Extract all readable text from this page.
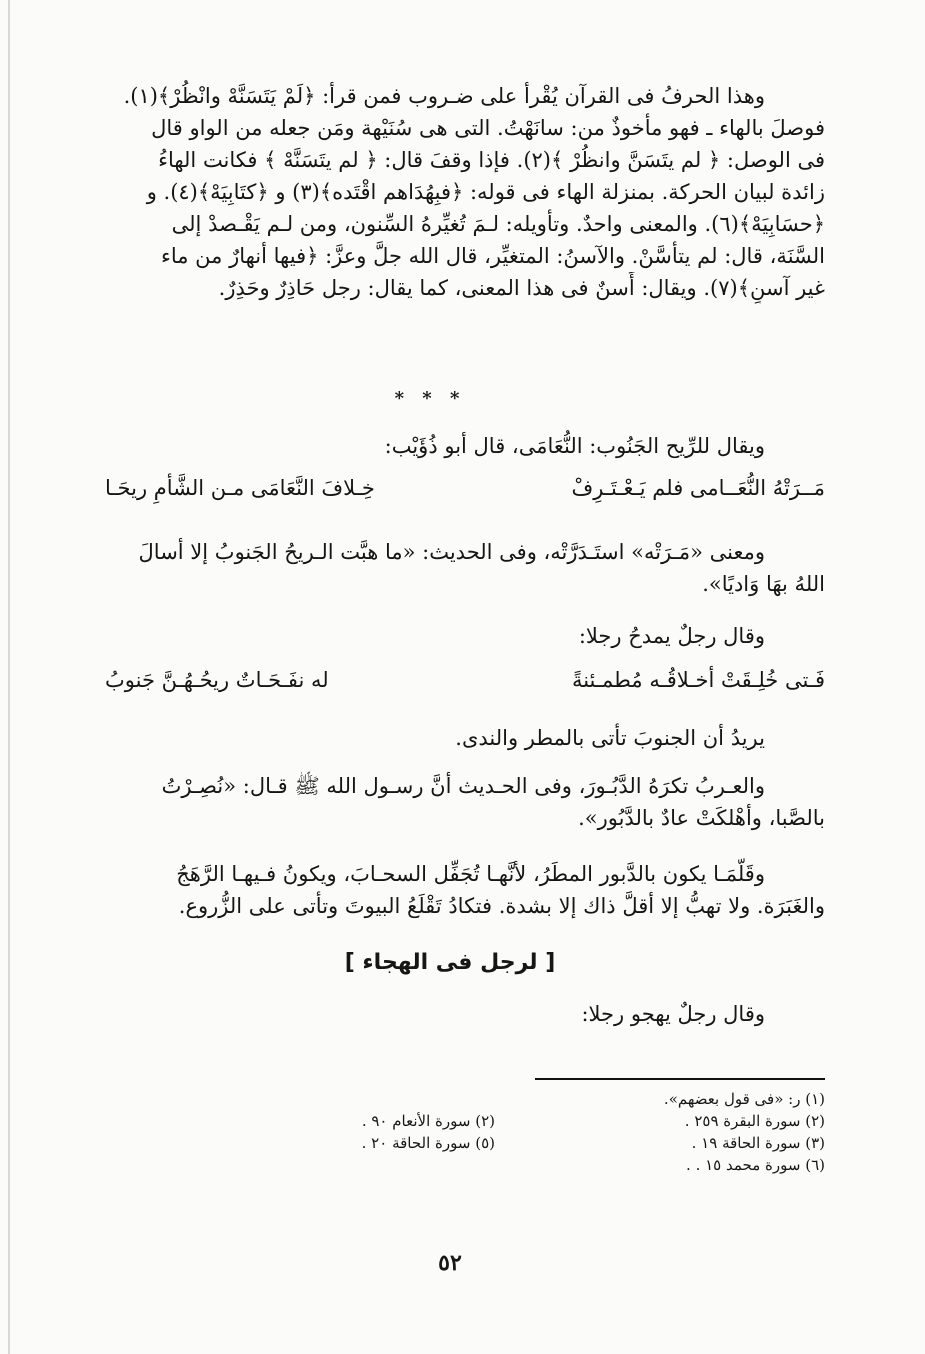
وهذا الحرفُ فى القرآن يُقْرأ على ضـروب فمن قرأ: ﴿لَمْ يَتَسَنَّهْ وانْظُرْ﴾(١).
فوصلَ بالهاء ـ فهو مأخوذٌ من: سانَهْتُ. التى هى سُنَيْهة ومَن جعله من الواو قال
فى الوصل: ﴿ لم يتَسَنَّ وانظُرْ ﴾(٢). فإذا وقفَ قال: ﴿ لم يتَسَنَّهْ ﴾ فكانت الهاءُ
زائدة لبيان الحركة. بمنزلة الهاء فى قوله: ﴿فبِهُدَاهم اقْتَده﴾(٣) و ﴿كتَابِيَهْ﴾(٤). و
﴿حسَابِيَهْ﴾(٦). والمعنى واحدٌ. وتأويله: لـمَ تُغيِّرهُ السِّنون، ومن لـم يَقْـصدْ إلى
السَّنَة، قال: لم يتأسَّنْ. والآسنُ: المتغيِّر، قال الله جلَّ وعزَّ: ﴿فيها أنهارٌ من ماء
غير آسنٍ﴾(٧). ويقال: أَسنٌ فى هذا المعنى، كما يقال: رجل حَاذِرٌ وحَذِرٌ.
* * *
ويقال للرِّيح الجَنُوب: النُّعَامَى، قال أبو ذُؤَيْب:
مَــرَتْهُ النُّعَــامى فلم يَـعْـتَـرِفْ
خِـلافَ النَّعَامَى مـن الشَّأْمِ ريحَـا
ومعنى «مَـرَتْه» استَـدَرَّتْه، وفى الحديث: «ما هبَّت الـريحُ الجَنوبُ إلا أسالَ
اللهُ بهَا وَاديًا».
وقال رجلٌ يمدحُ رجلا:
فَـتى خُلِـقَتْ أخـلاقُـه مُطمـئنةً
له نفَـحَـاتٌ ريحُـهُـنَّ جَنوبُ
يريدُ أن الجنوبَ تأتى بالمطر والندى.
والعـربُ تكرَهُ الدَّبُـورَ، وفى الحـديث أنَّ رسـول الله ﷺ قـال: «نُصِـرْتُ
بالصَّبا، وأهْلكَتْ عادٌ بالدَّبُور».
وقَلَّمَـا يكون بالدَّبور المطَرُ، لأنَّهـا تُجَفِّل السحـابَ، ويكونُ فـيهـا الرَّهَجُ
والغَبَرَة. ولا تهبُّ إلا أقلَّ ذاك إلا بشدة. فتكادُ تَقْلَعُ البيوتَ وتأتى على الزُّروع.
[ لرجل فى الهجاء ]
وقال رجلٌ يهجو رجلا:
(١) ر: «فى قول بعضهم».
(٢) سورة البقرة ٢٥٩ .
(٣) سورة الحاقة ١٩ .
(٦) سورة محمد ١٥ . .
(٢) سورة الأنعام ٩٠ .
(٥) سورة الحاقة ٢٠ .
٥٢
